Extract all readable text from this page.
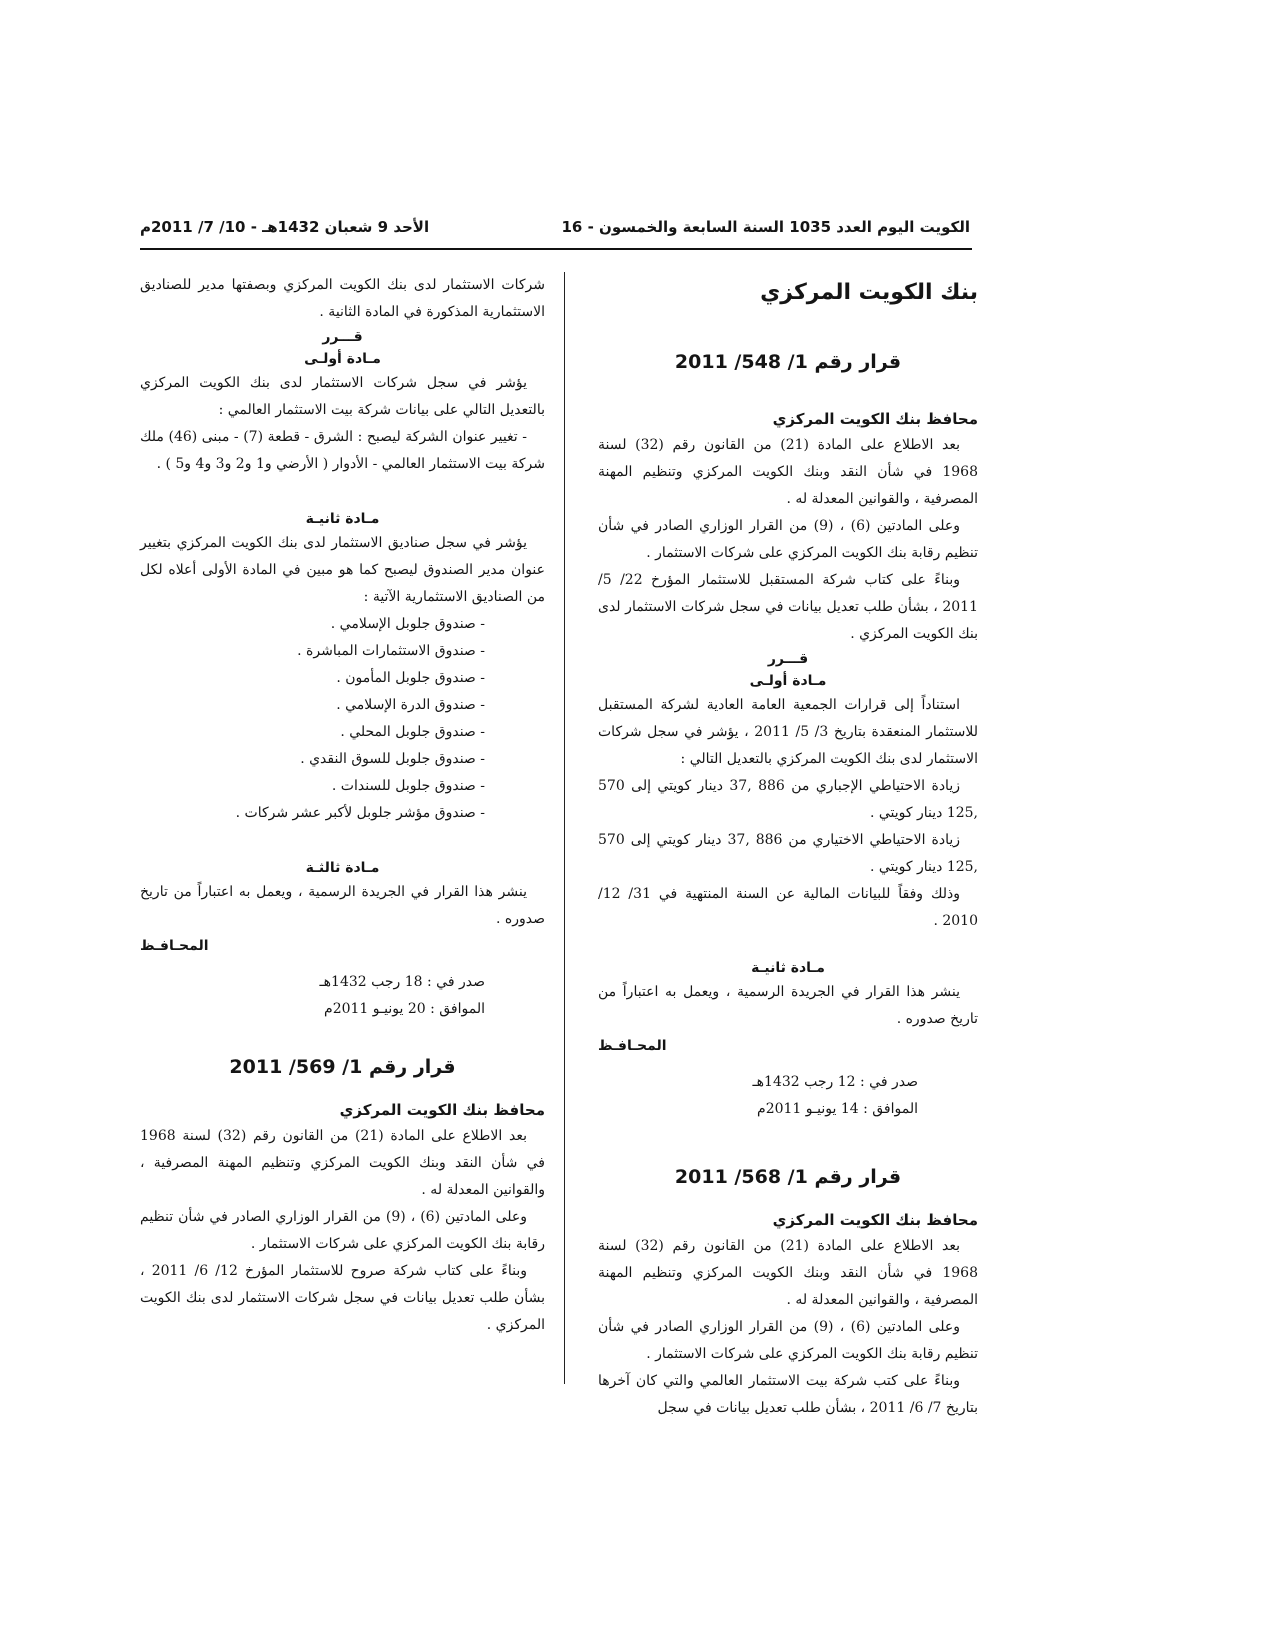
الكويت اليوم العدد 1035 السنة السابعة والخمسون - 16
الأحد 9 شعبان 1432هـ - 10/ 7/ 2011م
بنك الكويت المركزي
قرار رقم 1/ 548/ 2011
محافظ بنك الكويت المركزي

بعد الاطلاع على المادة (21) من القانون رقم (32) لسنة 1968 في شأن النقد وبنك الكويت المركزي وتنظيم المهنة المصرفية ، والقوانين المعدلة له .

وعلى المادتين (6) ، (9) من القرار الوزاري الصادر في شأن تنظيم رقابة بنك الكويت المركزي على شركات الاستثمار .

وبناءً على كتاب شركة المستقبل للاستثمار المؤرخ 22/ 5/ 2011 ، بشأن طلب تعديل بيانات في سجل شركات الاستثمار لدى بنك الكويت المركزي .

قـــرر
مـادة أولـى

استناداً إلى قرارات الجمعية العامة العادية لشركة المستقبل للاستثمار المنعقدة بتاريخ 3/ 5/ 2011 ، يؤشر في سجل شركات الاستثمار لدى بنك الكويت المركزي بالتعديل التالي :

زيادة الاحتياطي الإجباري من 886 ,37 دينار كويتي إلى 570 ,125 دينار كويتي .

زيادة الاحتياطي الاختياري من 886 ,37 دينار كويتي إلى 570 ,125 دينار كويتي .

وذلك وفقاً للبيانات المالية عن السنة المنتهية في 31/ 12/ 2010 .

مـادة ثانيـة

ينشر هذا القرار في الجريدة الرسمية ، ويعمل به اعتباراً من تاريخ صدوره .

المحـافـظ
صدر في : 12 رجب 1432هـ
الموافق : 14 يونيـو 2011م
قرار رقم 1/ 568/ 2011
محافظ بنك الكويت المركزي

بعد الاطلاع على المادة (21) من القانون رقم (32) لسنة 1968 في شأن النقد وبنك الكويت المركزي وتنظيم المهنة المصرفية ، والقوانين المعدلة له .

وعلى المادتين (6) ، (9) من القرار الوزاري الصادر في شأن تنظيم رقابة بنك الكويت المركزي على شركات الاستثمار .

وبناءً على كتب شركة بيت الاستثمار العالمي والتي كان آخرها بتاريخ 7/ 6/ 2011 ، بشأن طلب تعديل بيانات في سجل

شركات الاستثمار لدى بنك الكويت المركزي وبصفتها مدير للصناديق الاستثمارية المذكورة في المادة الثانية .

قـــرر
مـادة أولـى

يؤشر في سجل شركات الاستثمار لدى بنك الكويت المركزي بالتعديل التالي على بيانات شركة بيت الاستثمار العالمي :

- تغيير عنوان الشركة ليصبح : الشرق - قطعة (7) - مبنى (46) ملك شركة بيت الاستثمار العالمي - الأدوار ( الأرضي و1 و2 و3 و4 و5 ) .

مـادة ثانيـة

يؤشر في سجل صناديق الاستثمار لدى بنك الكويت المركزي بتغيير عنوان مدير الصندوق ليصبح كما هو مبين في المادة الأولى أعلاه لكل من الصناديق الاستثمارية الآتية :

- صندوق جلوبل الإسلامي .
- صندوق الاستثمارات المباشرة .
- صندوق جلوبل المأمون .
- صندوق الدرة الإسلامي .
- صندوق جلوبل المحلي .
- صندوق جلوبل للسوق النقدي .
- صندوق جلوبل للسندات .
- صندوق مؤشر جلوبل لأكبر عشر شركات .
مـادة ثالثـة

ينشر هذا القرار في الجريدة الرسمية ، ويعمل به اعتباراً من تاريخ صدوره .

المحـافـظ
صدر في : 18 رجب 1432هـ
الموافق : 20 يونيـو 2011م
قرار رقم 1/ 569/ 2011
محافظ بنك الكويت المركزي

بعد الاطلاع على المادة (21) من القانون رقم (32) لسنة 1968 في شأن النقد وبنك الكويت المركزي وتنظيم المهنة المصرفية ، والقوانين المعدلة له .

وعلى المادتين (6) ، (9) من القرار الوزاري الصادر في شأن تنظيم رقابة بنك الكويت المركزي على شركات الاستثمار .

وبناءً على كتاب شركة صروح للاستثمار المؤرخ 12/ 6/ 2011 ، بشأن طلب تعديل بيانات في سجل شركات الاستثمار لدى بنك الكويت المركزي .
